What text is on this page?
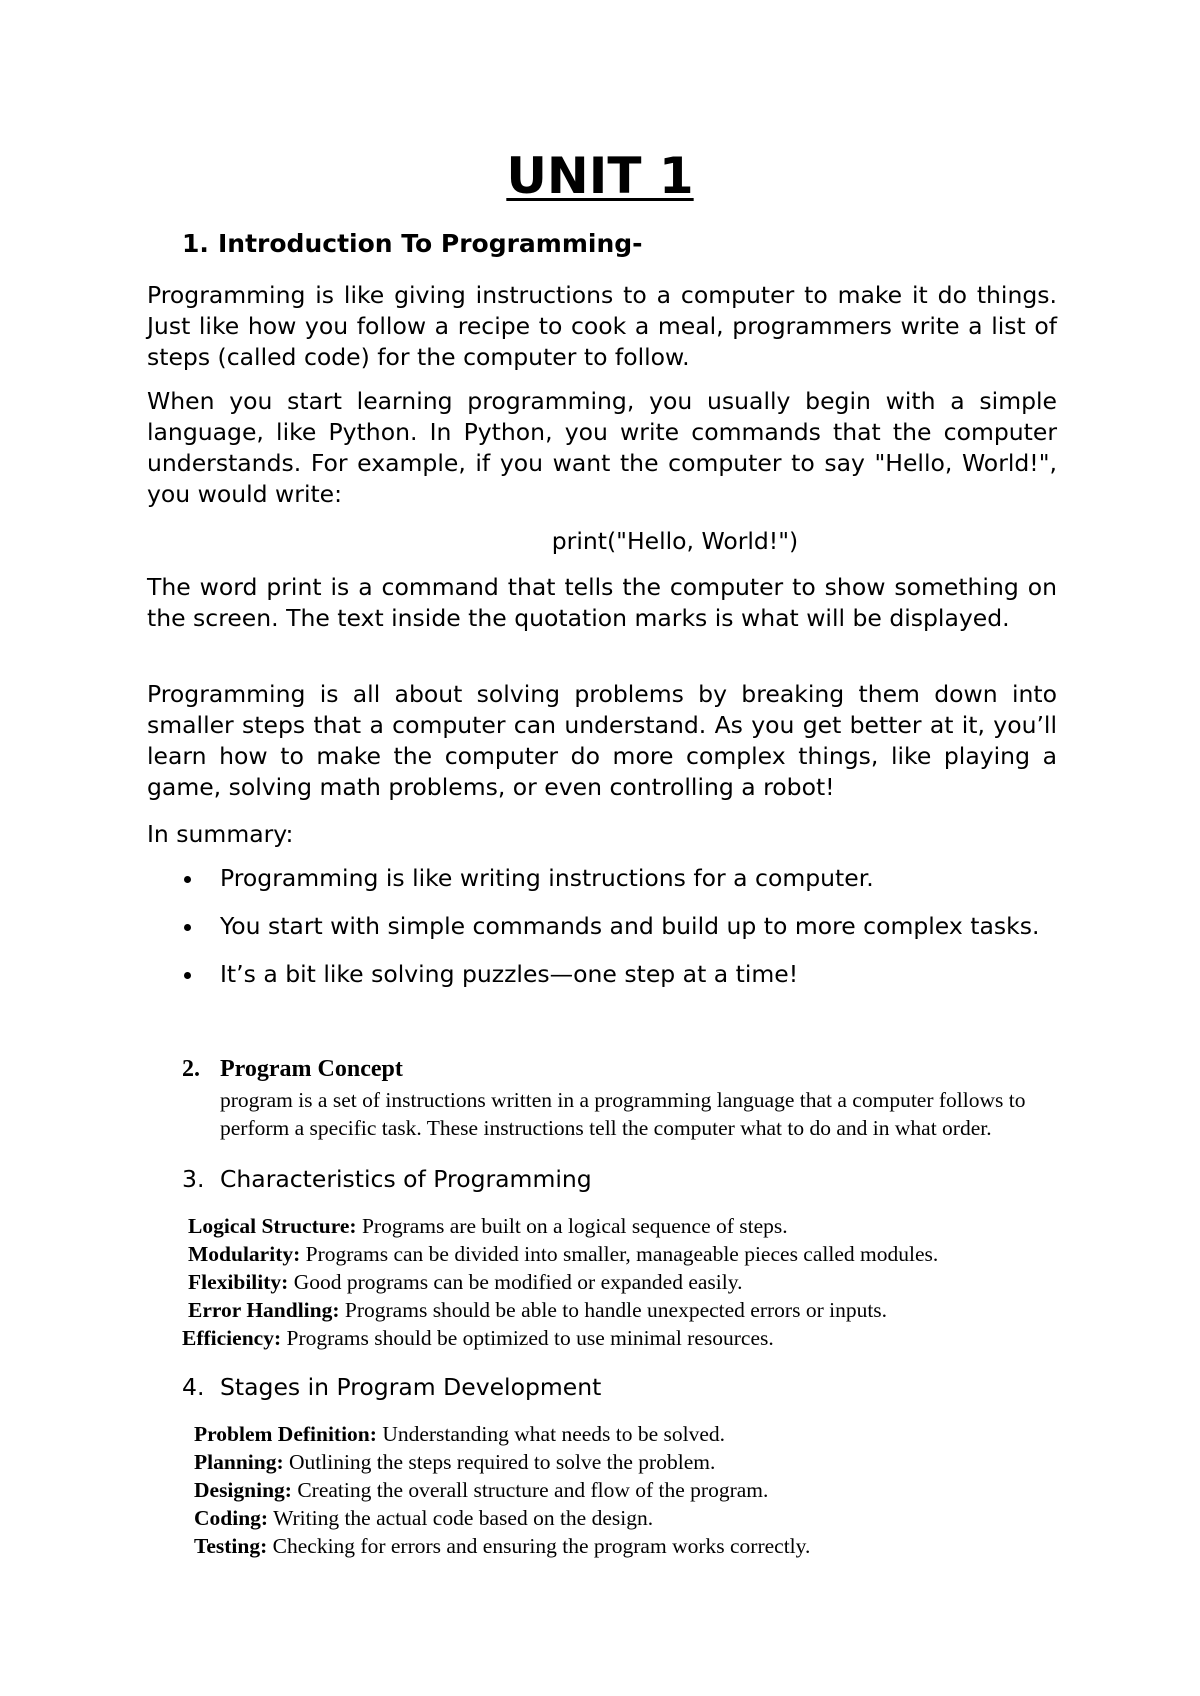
UNIT 1
1. Introduction To Programming-

Programming is like giving instructions to a computer to make it do things. Just like how you follow a recipe to cook a meal, programmers write a list of steps (called code) for the computer to follow.

When you start learning programming, you usually begin with a simple language, like Python. In Python, you write commands that the computer understands. For example, if you want the computer to say "Hello, World!", you would write:

print("Hello, World!")

The word print is a command that tells the computer to show something on the screen. The text inside the quotation marks is what will be displayed.

Programming is all about solving problems by breaking them down into smaller steps that a computer can understand. As you get better at it, you’ll learn how to make the computer do more complex things, like playing a game, solving math problems, or even controlling a robot!

In summary:
Programming is like writing instructions for a computer.
You start with simple commands and build up to more complex tasks.
It’s a bit like solving puzzles—one step at a time!
2. Program Concept

program is a set of instructions written in a programming language that a computer follows to perform a specific task. These instructions tell the computer what to do and in what order.

3. Characteristics of Programming
Logical Structure: Programs are built on a logical sequence of steps.
Modularity: Programs can be divided into smaller, manageable pieces called modules.
Flexibility: Good programs can be modified or expanded easily.
Error Handling: Programs should be able to handle unexpected errors or inputs.
Efficiency: Programs should be optimized to use minimal resources.
4. Stages in Program Development
Problem Definition: Understanding what needs to be solved.
Planning: Outlining the steps required to solve the problem.
Designing: Creating the overall structure and flow of the program.
Coding: Writing the actual code based on the design.
Testing: Checking for errors and ensuring the program works correctly.
